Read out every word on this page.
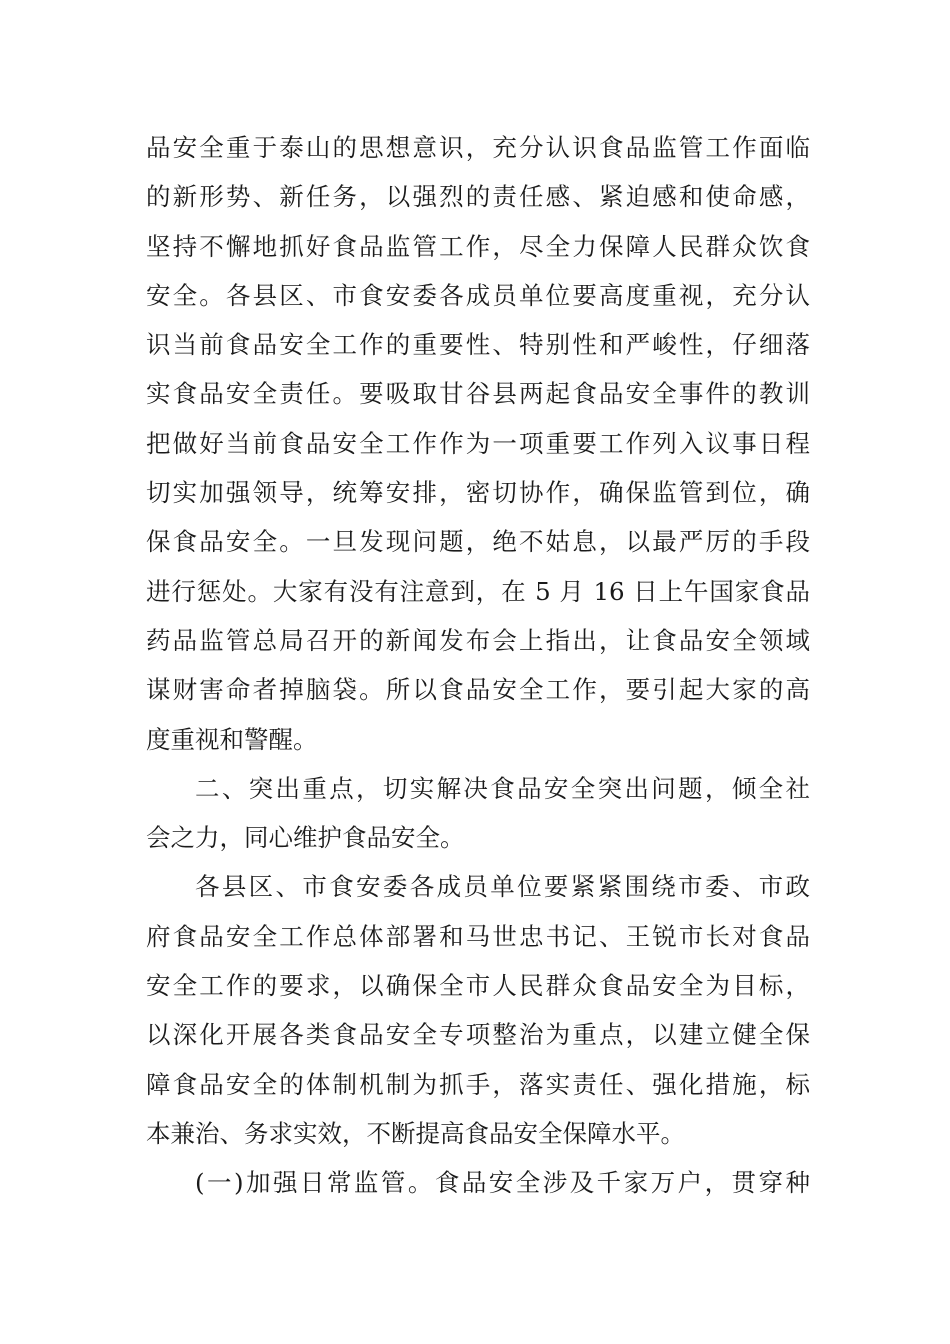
品安全重于泰山的思想意识，充分认识食品监管工作面临
的新形势、新任务，以强烈的责任感、紧迫感和使命感，
坚持不懈地抓好食品监管工作，尽全力保障人民群众饮食
安全。各县区、市食安委各成员单位要高度重视，充分认
识当前食品安全工作的重要性、特别性和严峻性，仔细落
实食品安全责任。要吸取甘谷县两起食品安全事件的教训
把做好当前食品安全工作作为一项重要工作列入议事日程
切实加强领导，统筹安排，密切协作，确保监管到位，确
保食品安全。一旦发现问题，绝不姑息，以最严厉的手段
进行惩处。大家有没有注意到，在 5 月 16 日上午国家食品
药品监管总局召开的新闻发布会上指出，让食品安全领域
谋财害命者掉脑袋。所以食品安全工作，要引起大家的高
度重视和警醒。
二、突出重点，切实解决食品安全突出问题，倾全社
会之力，同心维护食品安全。
各县区、市食安委各成员单位要紧紧围绕市委、市政
府食品安全工作总体部署和马世忠书记、王锐市长对食品
安全工作的要求，以确保全市人民群众食品安全为目标，
以深化开展各类食品安全专项整治为重点，以建立健全保
障食品安全的体制机制为抓手，落实责任、强化措施，标
本兼治、务求实效，不断提高食品安全保障水平。
(一)加强日常监管。食品安全涉及千家万户，贯穿种
